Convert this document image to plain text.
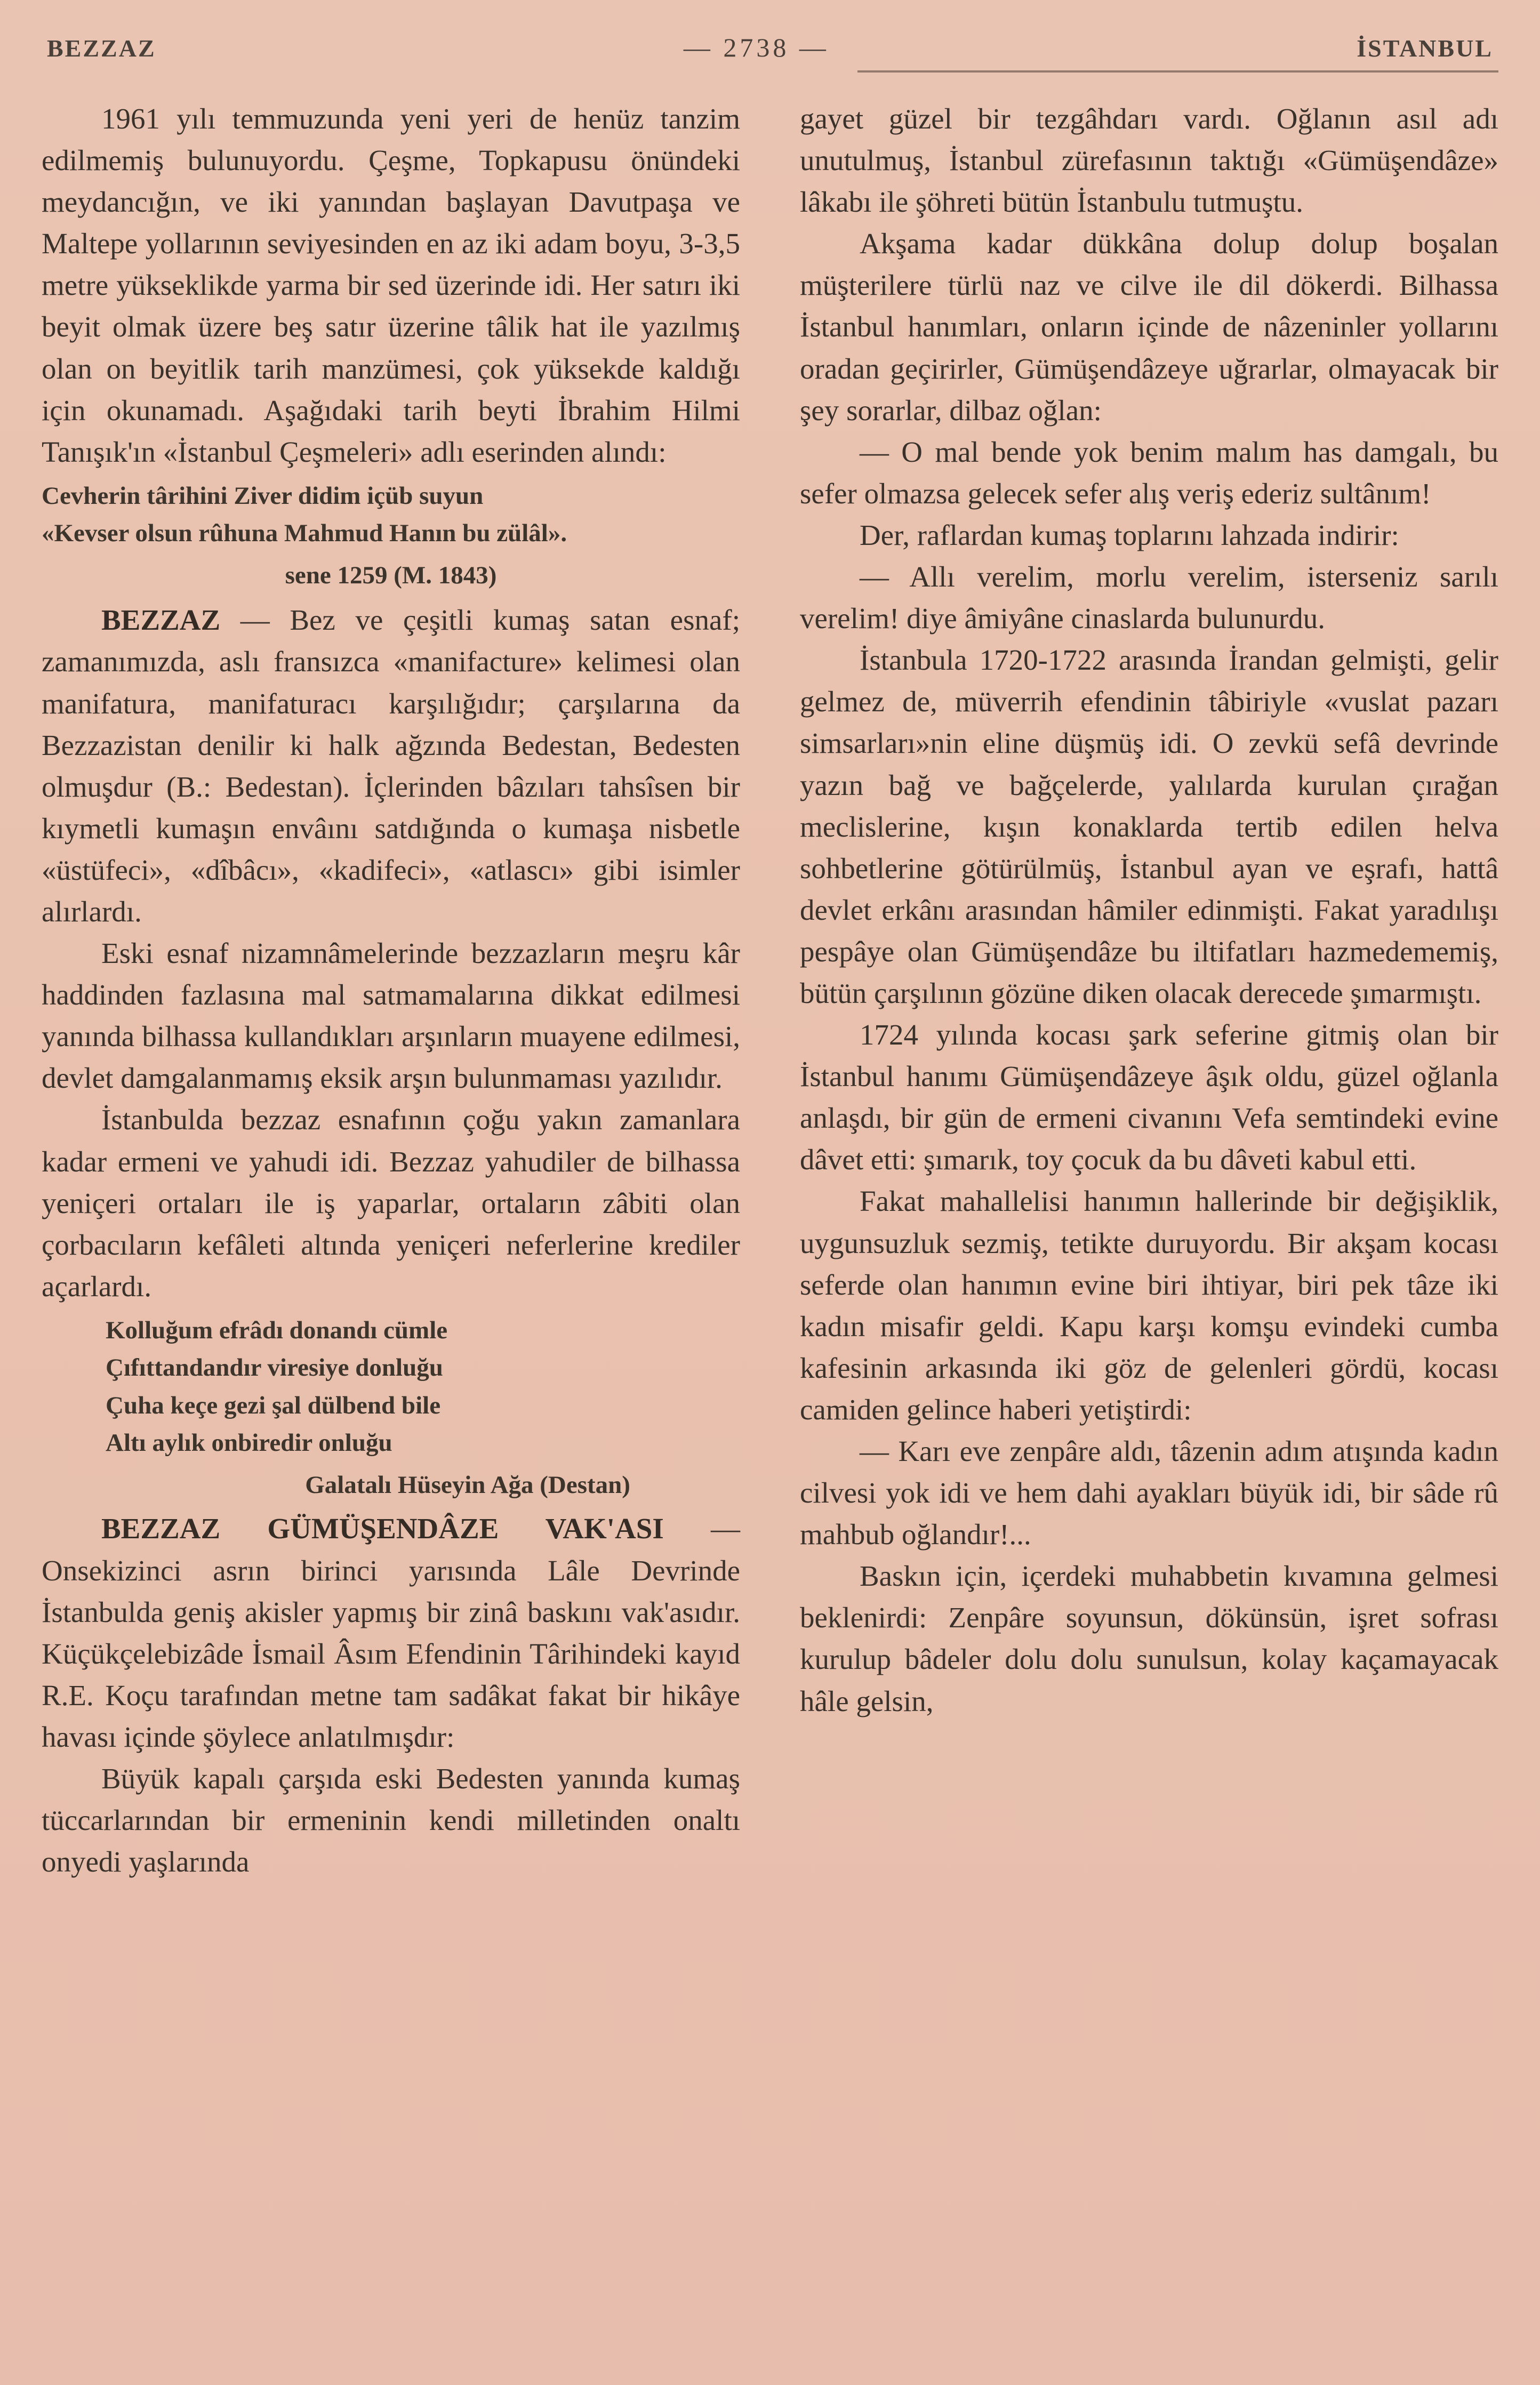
BEZZAZ	— 2738 —	İSTANBUL

1961 yılı temmuzunda yeni yeri de henüz tanzim edilmemiş bulunuyordu. Çeşme, Topkapusu önündeki meydancığın, ve iki yanından başlayan Davutpaşa ve Maltepe yollarının seviyesinden en az iki adam boyu, 3-3,5 metre yükseklikde yarma bir sed üzerinde idi. Her satırı iki beyit olmak üzere beş satır üzerine tâlik hat ile yazılmış olan on beyitlik tarih manzümesi, çok yüksekde kaldığı için okunamadı. Aşağıdaki tarih beyti İbrahim Hilmi Tanışık'ın «İstanbul Çeşmeleri» adlı eserinden alındı:

Cevherin târihini Ziver didim içüb suyun
«Kevser olsun rûhuna Mahmud Hanın bu zülâl».

sene 1259 (M. 1843)

BEZZAZ — Bez ve çeşitli kumaş satan esnaf; zamanımızda, aslı fransızca «manifacture» kelimesi olan manifatura, manifaturacı karşılığıdır; çarşılarına da Bezzazistan denilir ki halk ağzında Bedestan, Bedesten olmuşdur (B.: Bedestan). İçlerinden bâzıları tahsîsen bir kıymetli kumaşın envâını satdığında o kumaşa nisbetle «üstüfeci», «dîbâcı», «kadifeci», «atlascı» gibi isimler alırlardı.

Eski esnaf nizamnâmelerinde bezzazların meşru kâr haddinden fazlasına mal satmamalarına dikkat edilmesi yanında bilhassa kullandıkları arşınların muayene edilmesi, devlet damgalanmamış eksik arşın bulunmaması yazılıdır.

İstanbulda bezzaz esnafının çoğu yakın zamanlara kadar ermeni ve yahudi idi. Bezzaz yahudiler de bilhassa yeniçeri ortaları ile iş yaparlar, ortaların zâbiti olan çorbacıların kefâleti altında yeniçeri neferlerine krediler açarlardı.

Kolluğum efrâdı donandı cümle
Çıfıttandandır viresiye donluğu
Çuha keçe gezi şal dülbend bile
Altı aylık onbiredir onluğu

Galatalı Hüseyin Ağa (Destan)

BEZZAZ GÜMÜŞENDÂZE VAK'ASI — Onsekizinci asrın birinci yarısında Lâle Devrinde İstanbulda geniş akisler yapmış bir zinâ baskını vak'asıdır. Küçükçelebizâde İsmail Âsım Efendinin Târihindeki kayıd R.E. Koçu tarafından metne tam sadâkat fakat bir hikâye havası içinde şöylece anlatılmışdır:

Büyük kapalı çarşıda eski Bedesten yanında kumaş tüccarlarından bir ermeninin kendi milletinden onaltı onyedi yaşlarında

gayet güzel bir tezgâhdarı vardı. Oğlanın asıl adı unutulmuş, İstanbul zürefasının taktığı «Gümüşendâze» lâkabı ile şöhreti bütün İstanbulu tutmuştu.

Akşama kadar dükkâna dolup dolup boşalan müşterilere türlü naz ve cilve ile dil dökerdi. Bilhassa İstanbul hanımları, onların içinde de nâzeninler yollarını oradan geçirirler, Gümüşendâzeye uğrarlar, olmayacak bir şey sorarlar, dilbaz oğlan:

— O mal bende yok benim malım has damgalı, bu sefer olmazsa gelecek sefer alış veriş ederiz sultânım!

Der, raflardan kumaş toplarını lahzada indirir:

— Allı verelim, morlu verelim, isterseniz sarılı verelim! diye âmiyâne cinaslarda bulunurdu.

İstanbula 1720-1722 arasında İrandan gelmişti, gelir gelmez de, müverrih efendinin tâbiriyle «vuslat pazarı simsarları»nin eline düşmüş idi. O zevkü sefâ devrinde yazın bağ ve bağçelerde, yalılarda kurulan çırağan meclislerine, kışın konaklarda tertib edilen helva sohbetlerine götürülmüş, İstanbul ayan ve eşrafı, hattâ devlet erkânı arasından hâmiler edinmişti. Fakat yaradılışı pespâye olan Gümüşendâze bu iltifatları hazmedememiş, bütün çarşılının gözüne diken olacak derecede şımarmıştı.

1724 yılında kocası şark seferine gitmiş olan bir İstanbul hanımı Gümüşendâzeye âşık oldu, güzel oğlanla anlaşdı, bir gün de ermeni civanını Vefa semtindeki evine dâvet etti: şımarık, toy çocuk da bu dâveti kabul etti.

Fakat mahallelisi hanımın hallerinde bir değişiklik, uygunsuzluk sezmiş, tetikte duruyordu. Bir akşam kocası seferde olan hanımın evine biri ihtiyar, biri pek tâze iki kadın misafir geldi. Kapu karşı komşu evindeki cumba kafesinin arkasında iki göz de gelenleri gördü, kocası camiden gelince haberi yetiştirdi:

— Karı eve zenpâre aldı, tâzenin adım atışında kadın cilvesi yok idi ve hem dahi ayakları büyük idi, bir sâde rû mahbub oğlandır!...

Baskın için, içerdeki muhabbetin kıvamına gelmesi beklenirdi: Zenpâre soyunsun, dökünsün, işret sofrası kurulup bâdeler dolu dolu sunulsun, kolay kaçamayacak hâle gelsin,
